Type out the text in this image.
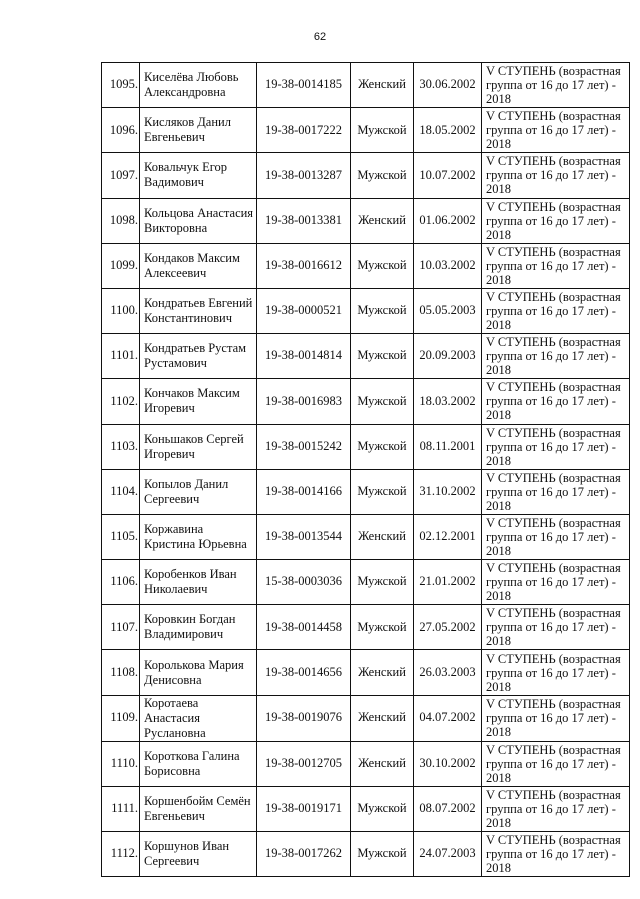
62
1095.	Киселёва Любовь Александровна	19-38-0014185	Женский	30.06.2002	V СТУПЕНЬ (возрастная группа от 16 до 17 лет) - 2018
1096.	Кисляков Данил Евгеньевич	19-38-0017222	Мужской	18.05.2002	V СТУПЕНЬ (возрастная группа от 16 до 17 лет) - 2018
1097.	Ковальчук Егор Вадимович	19-38-0013287	Мужской	10.07.2002	V СТУПЕНЬ (возрастная группа от 16 до 17 лет) - 2018
1098.	Кольцова Анастасия Викторовна	19-38-0013381	Женский	01.06.2002	V СТУПЕНЬ (возрастная группа от 16 до 17 лет) - 2018
1099.	Кондаков Максим Алексеевич	19-38-0016612	Мужской	10.03.2002	V СТУПЕНЬ (возрастная группа от 16 до 17 лет) - 2018
1100.	Кондратьев Евгений Константинович	19-38-0000521	Мужской	05.05.2003	V СТУПЕНЬ (возрастная группа от 16 до 17 лет) - 2018
1101.	Кондратьев Рустам Рустамович	19-38-0014814	Мужской	20.09.2003	V СТУПЕНЬ (возрастная группа от 16 до 17 лет) - 2018
1102.	Кончаков Максим Игоревич	19-38-0016983	Мужской	18.03.2002	V СТУПЕНЬ (возрастная группа от 16 до 17 лет) - 2018
1103.	Коньшаков Сергей Игоревич	19-38-0015242	Мужской	08.11.2001	V СТУПЕНЬ (возрастная группа от 16 до 17 лет) - 2018
1104.	Копылов Данил Сергеевич	19-38-0014166	Мужской	31.10.2002	V СТУПЕНЬ (возрастная группа от 16 до 17 лет) - 2018
1105.	Коржавина Кристина Юрьевна	19-38-0013544	Женский	02.12.2001	V СТУПЕНЬ (возрастная группа от 16 до 17 лет) - 2018
1106.	Коробенков Иван Николаевич	15-38-0003036	Мужской	21.01.2002	V СТУПЕНЬ (возрастная группа от 16 до 17 лет) - 2018
1107.	Коровкин Богдан Владимирович	19-38-0014458	Мужской	27.05.2002	V СТУПЕНЬ (возрастная группа от 16 до 17 лет) - 2018
1108.	Королькова Мария Денисовна	19-38-0014656	Женский	26.03.2003	V СТУПЕНЬ (возрастная группа от 16 до 17 лет) - 2018
1109.	Коротаева Анастасия Руслановна	19-38-0019076	Женский	04.07.2002	V СТУПЕНЬ (возрастная группа от 16 до 17 лет) - 2018
1110.	Короткова Галина Борисовна	19-38-0012705	Женский	30.10.2002	V СТУПЕНЬ (возрастная группа от 16 до 17 лет) - 2018
1111.	Коршенбойм Семён Евгеньевич	19-38-0019171	Мужской	08.07.2002	V СТУПЕНЬ (возрастная группа от 16 до 17 лет) - 2018
1112.	Коршунов Иван Сергеевич	19-38-0017262	Мужской	24.07.2003	V СТУПЕНЬ (возрастная группа от 16 до 17 лет) - 2018
